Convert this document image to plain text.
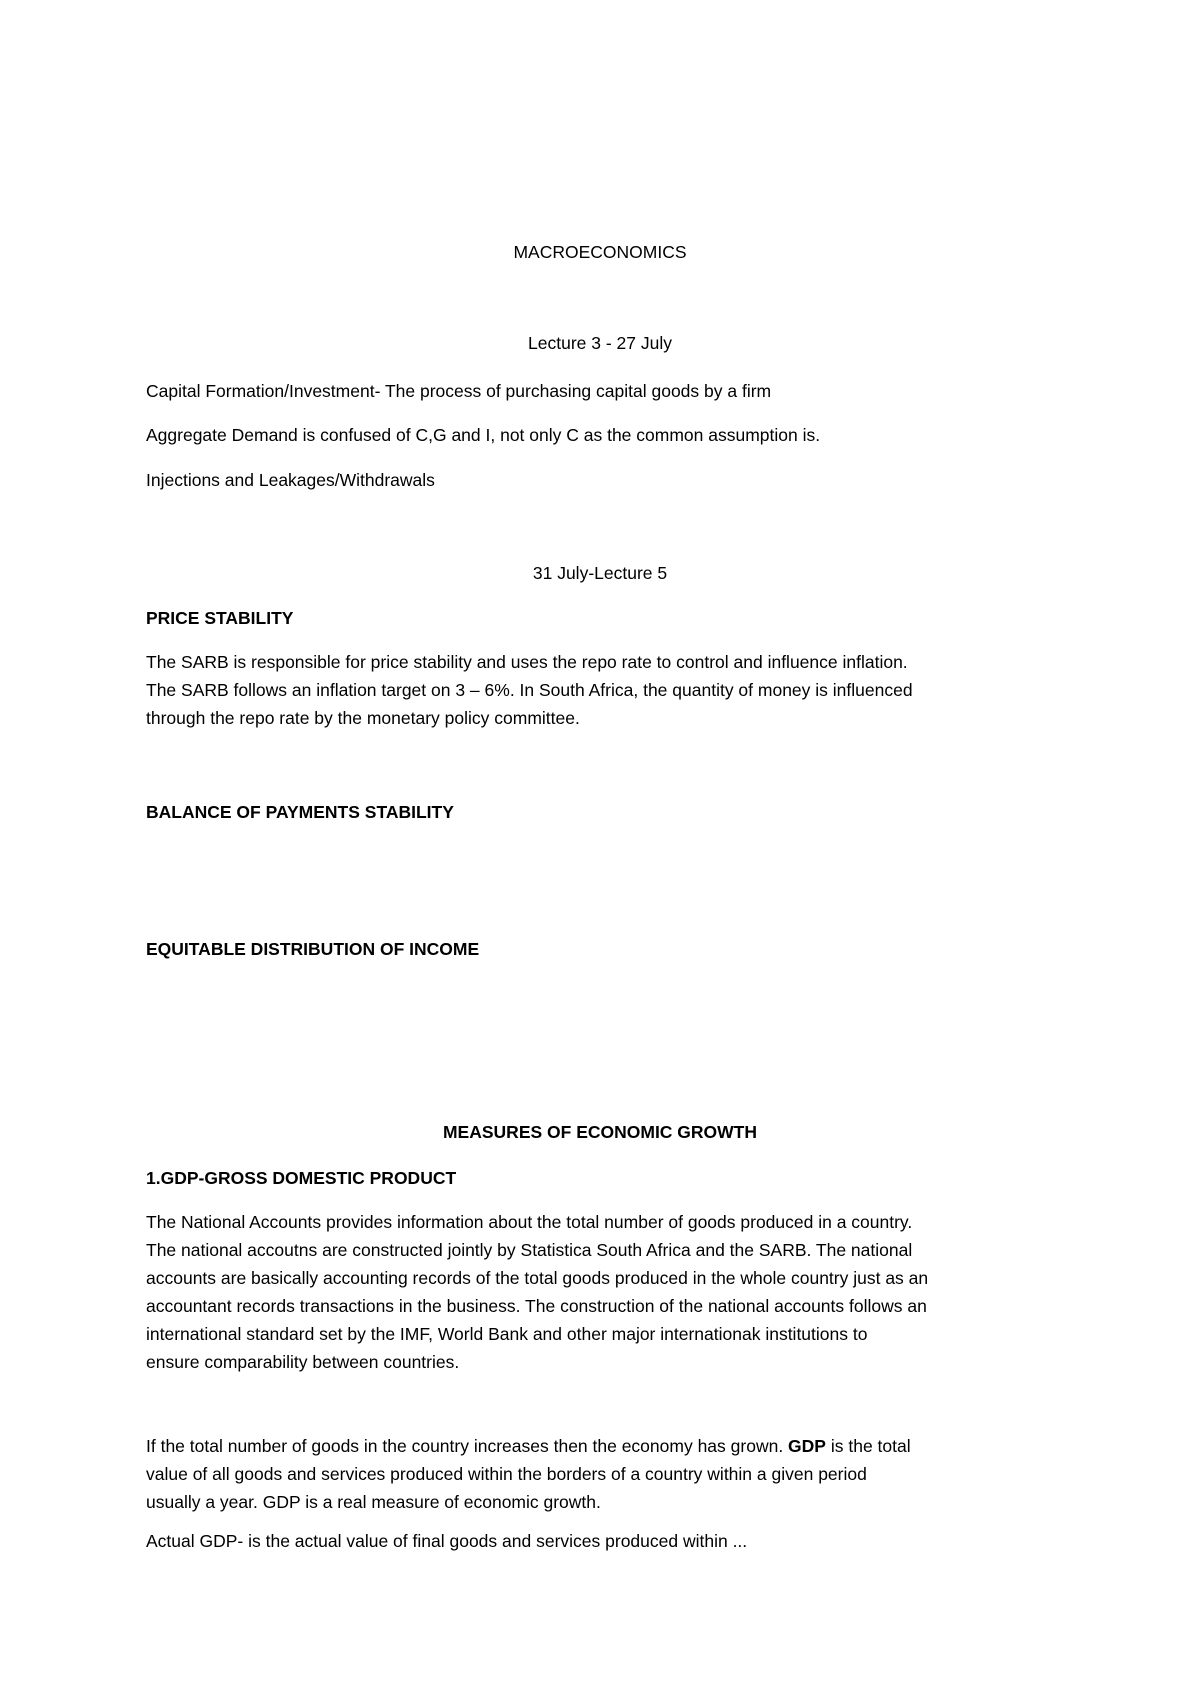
MACROECONOMICS

Lecture 3 - 27 July

Capital Formation/Investment- The process of purchasing capital goods by a firm

Aggregate Demand is confused of C,G and I, not only C as the common assumption is.

Injections and Leakages/Withdrawals

31 July-Lecture 5

PRICE STABILITY

The SARB is responsible for price stability and uses the repo rate to control and influence inflation.
The SARB follows an inflation target on 3 – 6%. In South Africa, the quantity of money is influenced
through the repo rate by the monetary policy committee.

BALANCE OF PAYMENTS STABILITY

EQUITABLE DISTRIBUTION OF INCOME

MEASURES OF ECONOMIC GROWTH

1.GDP-GROSS DOMESTIC PRODUCT

The National Accounts provides information about the total number of goods produced in a country.
The national accoutns are constructed jointly by Statistica South Africa and the SARB. The national
accounts are basically accounting records of the total goods produced in the whole country just as an
accountant records transactions in the business. The construction of the national accounts follows an
international standard set by the IMF, World Bank and other major internationak institutions to
ensure comparability between countries.
If the total number of goods in the country increases then the economy has grown. GDP is the total
value of all goods and services produced within the borders of a country within a given period
usually a year. GDP is a real measure of economic growth.

Actual GDP- is the actual value of final goods and services produced within ...
